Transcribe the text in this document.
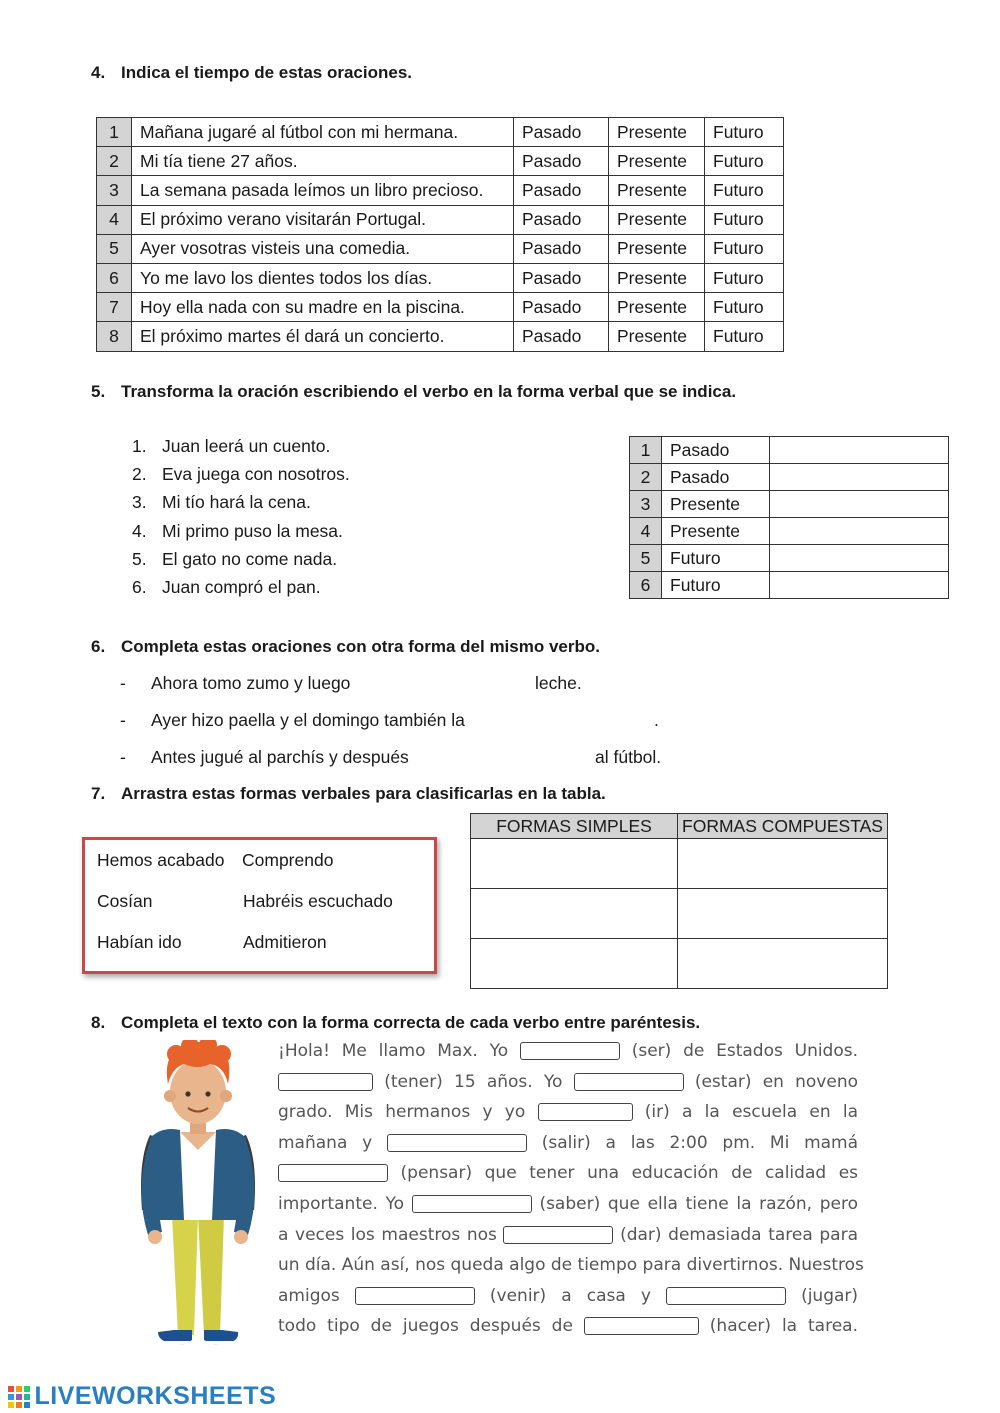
4. Indica el tiempo de estas oraciones.
1	Mañana jugaré al fútbol con mi hermana.	Pasado	Presente	Futuro
2	Mi tía tiene 27 años.	Pasado	Presente	Futuro
3	La semana pasada leímos un libro precioso.	Pasado	Presente	Futuro
4	El próximo verano visitarán Portugal.	Pasado	Presente	Futuro
5	Ayer vosotras visteis una comedia.	Pasado	Presente	Futuro
6	Yo me lavo los dientes todos los días.	Pasado	Presente	Futuro
7	Hoy ella nada con su madre en la piscina.	Pasado	Presente	Futuro
8	El próximo martes él dará un concierto.	Pasado	Presente	Futuro
5. Transforma la oración escribiendo el verbo en la forma verbal que se indica.
1. Juan leerá un cuento.
2. Eva juega con nosotros.
3. Mi tío hará la cena.
4. Mi primo puso la mesa.
5. El gato no come nada.
6. Juan compró el pan.
1	Pasado	
2	Pasado	
3	Presente	
4	Presente	
5	Futuro	
6	Futuro	
6. Completa estas oraciones con otra forma del mismo verbo.
- Ahora tomo zumo y luego	leche.
- Ayer hizo paella y el domingo también la	.
- Antes jugué al parchís y después	al fútbol.
7. Arrastra estas formas verbales para clasificarlas en la tabla.
Hemos acabado Comprendo
Cosían	Habréis escuchado
Habían ido	Admitieron
FORMAS SIMPLES	FORMAS COMPUESTAS

8. Completa el texto con la forma correcta de cada verbo entre paréntesis.
¡Hola! Me llamo Max. Yo	(ser) de Estados Unidos.
(tener) 15 años. Yo	(estar) en noveno
grado. Mis hermanos y yo	(ir) a la escuela en la
mañana y	(salir) a las 2:00 pm. Mi mamá
(pensar) que tener una educación de calidad es
importante. Yo	(saber) que ella tiene la razón, pero
a veces los maestros nos	(dar) demasiada tarea para
un día. Aún así, nos queda algo de tiempo para divertirnos. Nuestros
amigos	(venir) a casa y	(jugar)
todo tipo de juegos después de	(hacer) la tarea.
LIVEWORKSHEETS
